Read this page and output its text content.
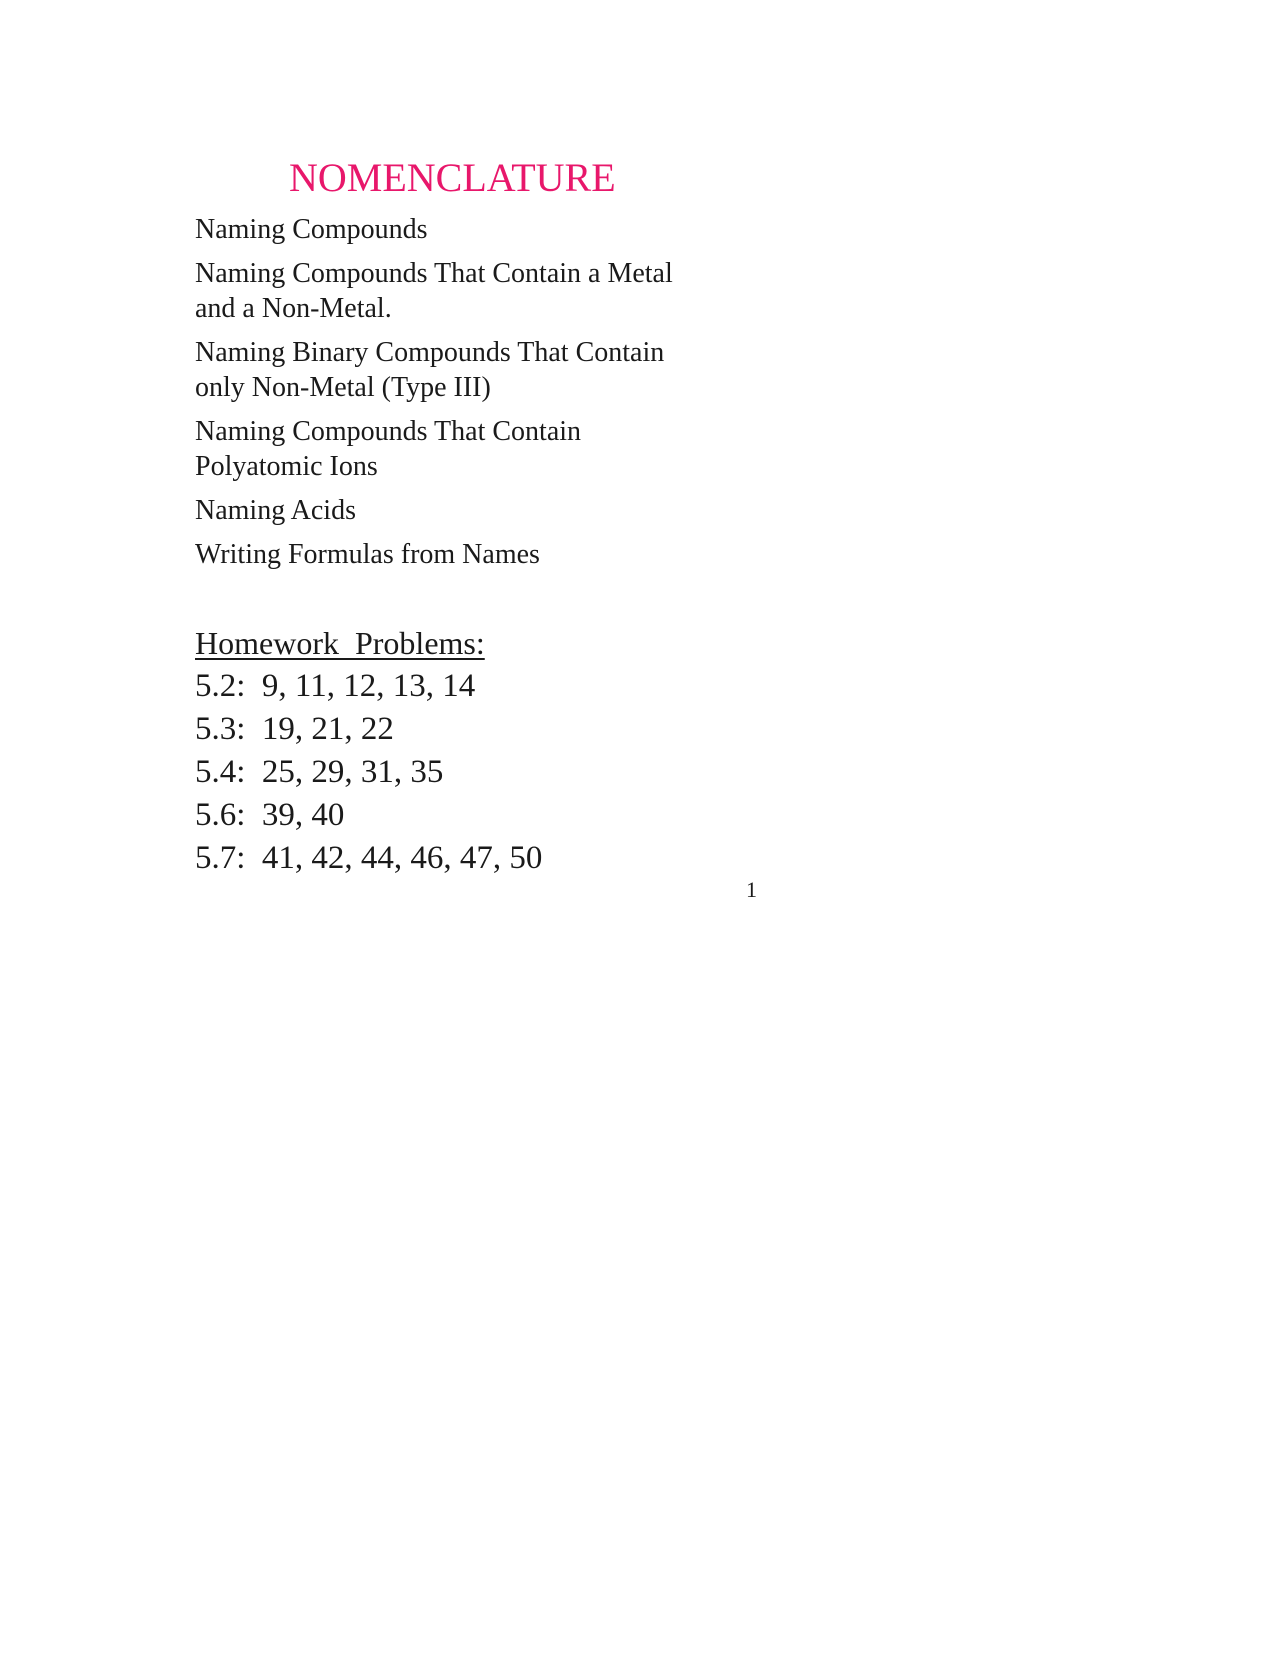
NOMENCLATURE
Naming Compounds
Naming Compounds That Contain a Metal and a Non-Metal.
Naming Binary Compounds That Contain only Non-Metal (Type III)
Naming Compounds That Contain Polyatomic Ions
Naming Acids
Writing Formulas from Names
Homework  Problems:
5.2: 9, 11, 12, 13, 14
5.3: 19, 21, 22
5.4: 25, 29, 31, 35
5.6: 39, 40
5.7: 41, 42, 44, 46, 47, 50
1
